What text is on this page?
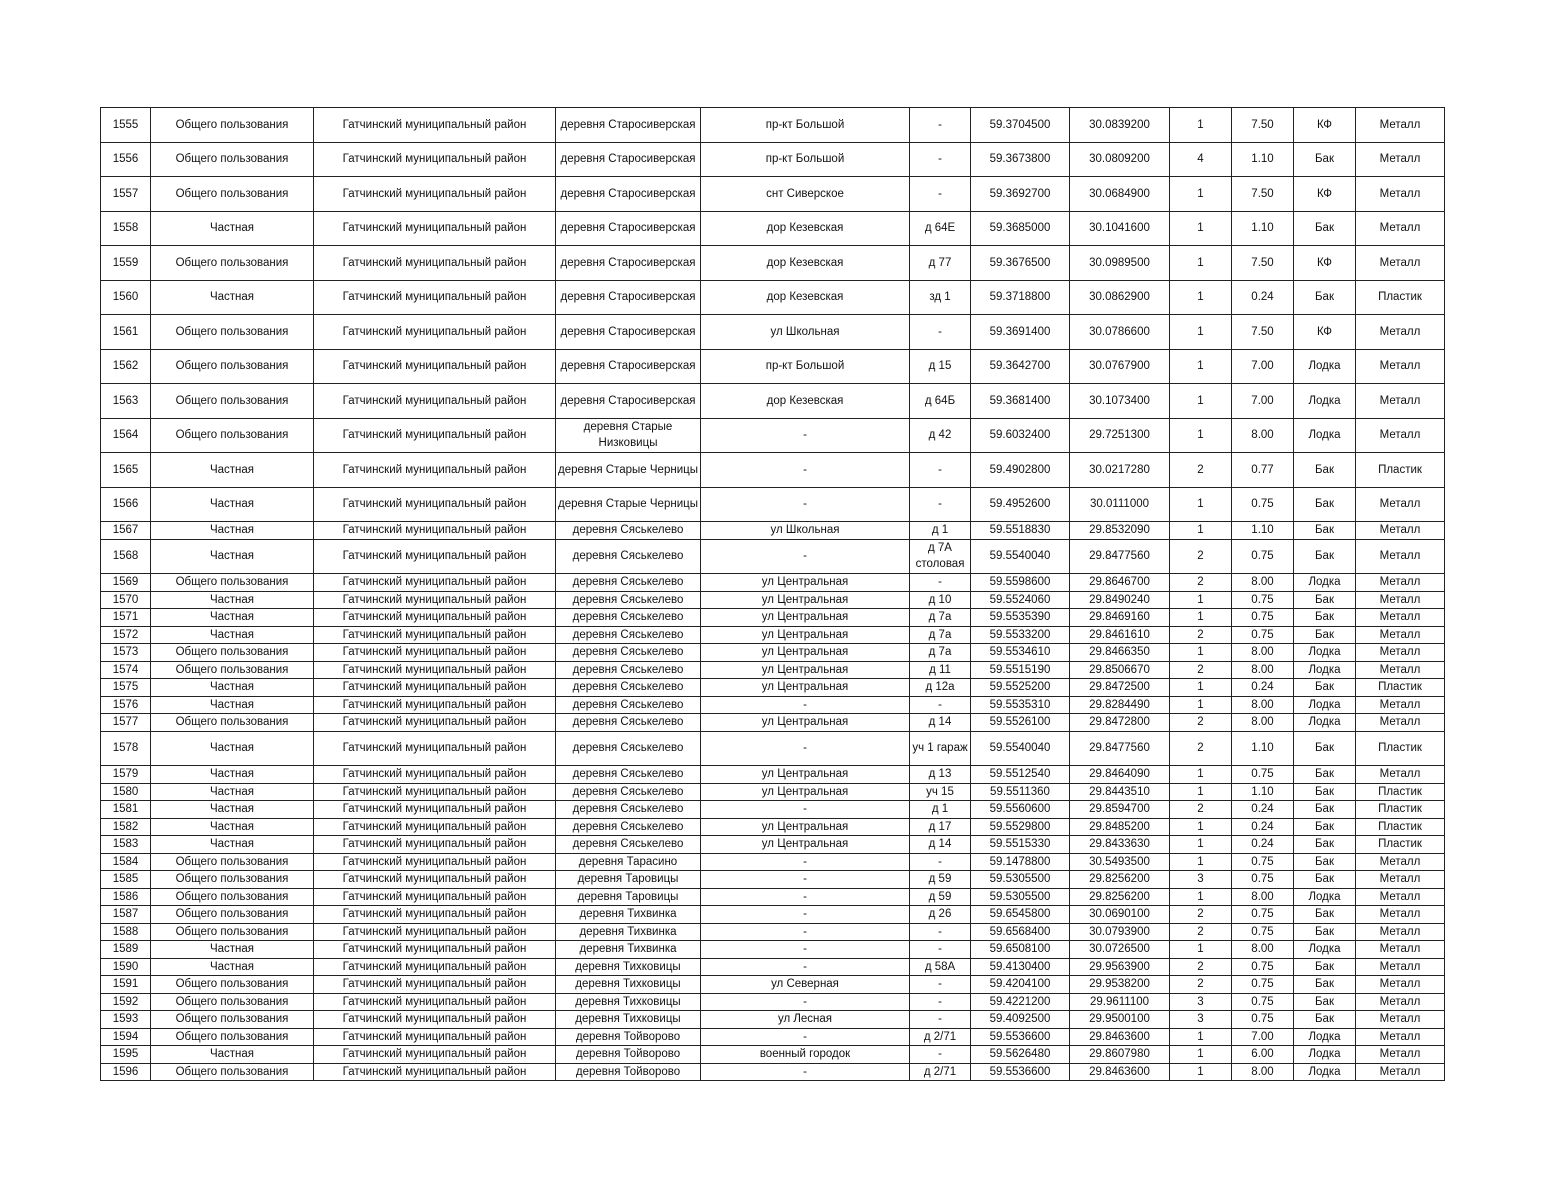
1555	Общего пользования	Гатчинский муниципальный район	деревня Старосиверская	пр-кт Большой	-	59.3704500	30.0839200	1	7.50	КФ	Металл
1556	Общего пользования	Гатчинский муниципальный район	деревня Старосиверская	пр-кт Большой	-	59.3673800	30.0809200	4	1.10	Бак	Металл
1557	Общего пользования	Гатчинский муниципальный район	деревня Старосиверская	снт Сиверское	-	59.3692700	30.0684900	1	7.50	КФ	Металл
1558	Частная	Гатчинский муниципальный район	деревня Старосиверская	дор Кезевская	д 64Е	59.3685000	30.1041600	1	1.10	Бак	Металл
1559	Общего пользования	Гатчинский муниципальный район	деревня Старосиверская	дор Кезевская	д 77	59.3676500	30.0989500	1	7.50	КФ	Металл
1560	Частная	Гатчинский муниципальный район	деревня Старосиверская	дор Кезевская	зд 1	59.3718800	30.0862900	1	0.24	Бак	Пластик
1561	Общего пользования	Гатчинский муниципальный район	деревня Старосиверская	ул Школьная	-	59.3691400	30.0786600	1	7.50	КФ	Металл
1562	Общего пользования	Гатчинский муниципальный район	деревня Старосиверская	пр-кт Большой	д 15	59.3642700	30.0767900	1	7.00	Лодка	Металл
1563	Общего пользования	Гатчинский муниципальный район	деревня Старосиверская	дор Кезевская	д 64Б	59.3681400	30.1073400	1	7.00	Лодка	Металл
1564	Общего пользования	Гатчинский муниципальный район	деревня Старые Низковицы	-	д 42	59.6032400	29.7251300	1	8.00	Лодка	Металл
1565	Частная	Гатчинский муниципальный район	деревня Старые Черницы	-	-	59.4902800	30.0217280	2	0.77	Бак	Пластик
1566	Частная	Гатчинский муниципальный район	деревня Старые Черницы	-	-	59.4952600	30.0111000	1	0.75	Бак	Металл
1567	Частная	Гатчинский муниципальный район	деревня Сяськелево	ул Школьная	д 1	59.5518830	29.8532090	1	1.10	Бак	Металл
1568	Частная	Гатчинский муниципальный район	деревня Сяськелево	-	д 7А столовая	59.5540040	29.8477560	2	0.75	Бак	Металл
1569	Общего пользования	Гатчинский муниципальный район	деревня Сяськелево	ул Центральная	-	59.5598600	29.8646700	2	8.00	Лодка	Металл
1570	Частная	Гатчинский муниципальный район	деревня Сяськелево	ул Центральная	д 10	59.5524060	29.8490240	1	0.75	Бак	Металл
1571	Частная	Гатчинский муниципальный район	деревня Сяськелево	ул Центральная	д 7а	59.5535390	29.8469160	1	0.75	Бак	Металл
1572	Частная	Гатчинский муниципальный район	деревня Сяськелево	ул Центральная	д 7а	59.5533200	29.8461610	2	0.75	Бак	Металл
1573	Общего пользования	Гатчинский муниципальный район	деревня Сяськелево	ул Центральная	д 7а	59.5534610	29.8466350	1	8.00	Лодка	Металл
1574	Общего пользования	Гатчинский муниципальный район	деревня Сяськелево	ул Центральная	д 11	59.5515190	29.8506670	2	8.00	Лодка	Металл
1575	Частная	Гатчинский муниципальный район	деревня Сяськелево	ул Центральная	д 12а	59.5525200	29.8472500	1	0.24	Бак	Пластик
1576	Частная	Гатчинский муниципальный район	деревня Сяськелево	-	-	59.5535310	29.8284490	1	8.00	Лодка	Металл
1577	Общего пользования	Гатчинский муниципальный район	деревня Сяськелево	ул Центральная	д 14	59.5526100	29.8472800	2	8.00	Лодка	Металл
1578	Частная	Гатчинский муниципальный район	деревня Сяськелево	-	уч 1 гараж	59.5540040	29.8477560	2	1.10	Бак	Пластик
1579	Частная	Гатчинский муниципальный район	деревня Сяськелево	ул Центральная	д 13	59.5512540	29.8464090	1	0.75	Бак	Металл
1580	Частная	Гатчинский муниципальный район	деревня Сяськелево	ул Центральная	уч 15	59.5511360	29.8443510	1	1.10	Бак	Пластик
1581	Частная	Гатчинский муниципальный район	деревня Сяськелево	-	д 1	59.5560600	29.8594700	2	0.24	Бак	Пластик
1582	Частная	Гатчинский муниципальный район	деревня Сяськелево	ул Центральная	д 17	59.5529800	29.8485200	1	0.24	Бак	Пластик
1583	Частная	Гатчинский муниципальный район	деревня Сяськелево	ул Центральная	д 14	59.5515330	29.8433630	1	0.24	Бак	Пластик
1584	Общего пользования	Гатчинский муниципальный район	деревня Тарасино	-	-	59.1478800	30.5493500	1	0.75	Бак	Металл
1585	Общего пользования	Гатчинский муниципальный район	деревня Таровицы	-	д 59	59.5305500	29.8256200	3	0.75	Бак	Металл
1586	Общего пользования	Гатчинский муниципальный район	деревня Таровицы	-	д 59	59.5305500	29.8256200	1	8.00	Лодка	Металл
1587	Общего пользования	Гатчинский муниципальный район	деревня Тихвинка	-	д 26	59.6545800	30.0690100	2	0.75	Бак	Металл
1588	Общего пользования	Гатчинский муниципальный район	деревня Тихвинка	-	-	59.6568400	30.0793900	2	0.75	Бак	Металл
1589	Частная	Гатчинский муниципальный район	деревня Тихвинка	-	-	59.6508100	30.0726500	1	8.00	Лодка	Металл
1590	Частная	Гатчинский муниципальный район	деревня Тихковицы	-	д 58А	59.4130400	29.9563900	2	0.75	Бак	Металл
1591	Общего пользования	Гатчинский муниципальный район	деревня Тихковицы	ул Северная	-	59.4204100	29.9538200	2	0.75	Бак	Металл
1592	Общего пользования	Гатчинский муниципальный район	деревня Тихковицы	-	-	59.4221200	29.9611100	3	0.75	Бак	Металл
1593	Общего пользования	Гатчинский муниципальный район	деревня Тихковицы	ул Лесная	-	59.4092500	29.9500100	3	0.75	Бак	Металл
1594	Общего пользования	Гатчинский муниципальный район	деревня Тойворово	-	д 2/71	59.5536600	29.8463600	1	7.00	Лодка	Металл
1595	Частная	Гатчинский муниципальный район	деревня Тойворово	военный городок	-	59.5626480	29.8607980	1	6.00	Лодка	Металл
1596	Общего пользования	Гатчинский муниципальный район	деревня Тойворово	-	д 2/71	59.5536600	29.8463600	1	8.00	Лодка	Металл
